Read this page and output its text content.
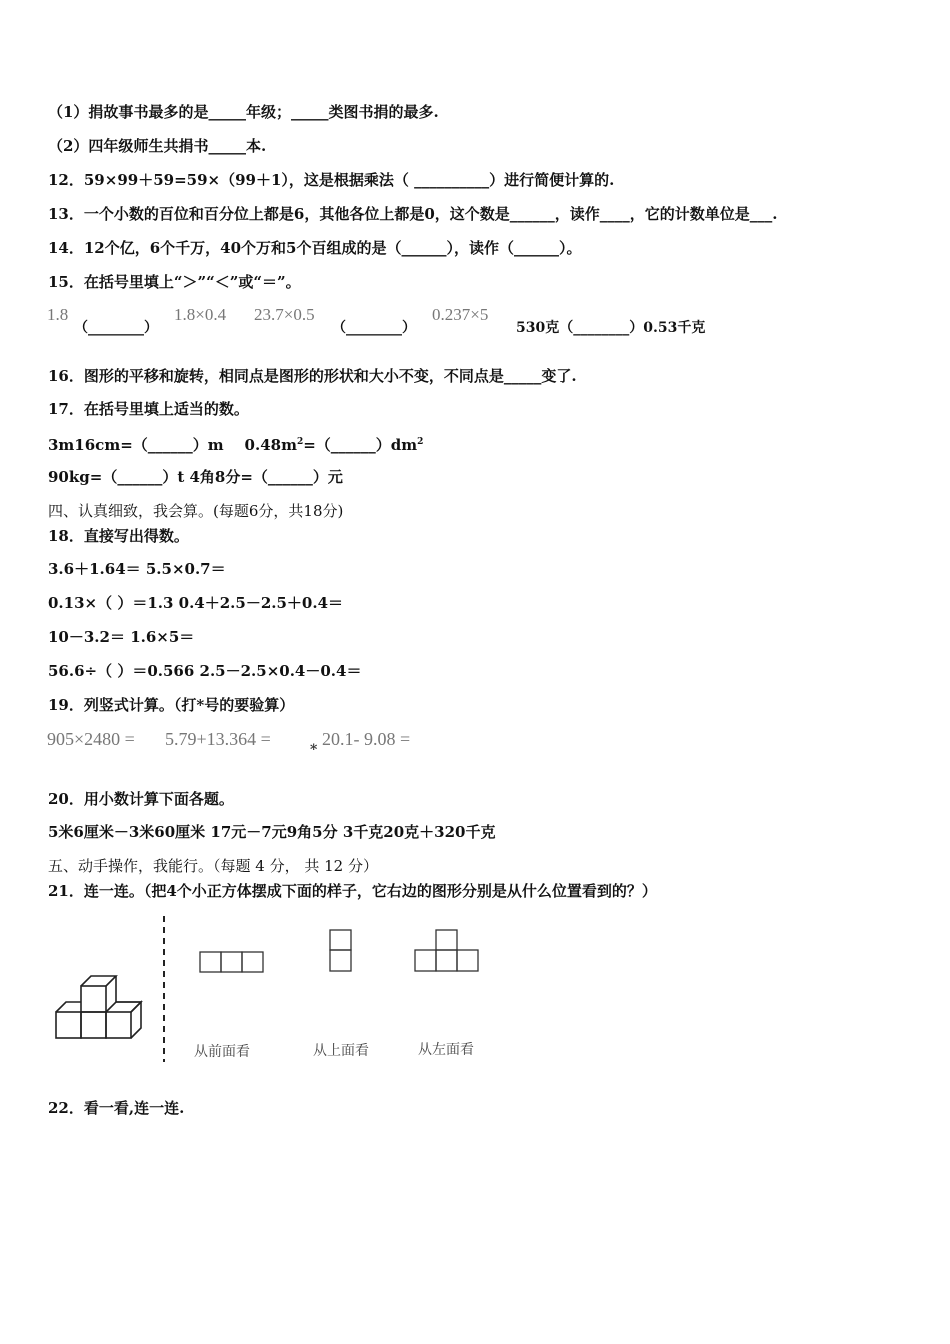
（1）捐故事书最多的是_____年级；_____类图书捐的最多.
（2）四年级师生共捐书_____本.
12．59×99＋59=59×（99＋1），这是根据乘法（ __________）进行简便计算的.
13．一个小数的百位和百分位上都是6，其他各位上都是0，这个数是______，读作____，它的计数单位是___.
14．12个亿，6个千万，40个万和5个百组成的是（______），读作（______）。
15．在括号里填上“＞”“＜”或“＝”。
1.8
（________）
1.8×0.4 23.7×0.5
（________）
0.237×5
530克（________）0.53千克
16．图形的平移和旋转，相同点是图形的形状和大小不变，不同点是_____变了.
17．在括号里填上适当的数。
3m16cm=（______）m $0.48m^2=(\_\_\_\_\_\_)dm^2$
90kg=（______）t 4角8分=（______）元
四、认真细致，我会算。(每题6分，共18分)
18．直接写出得数。
3.6＋1.64＝ 5.5×0.7＝
0.13×（ ）＝1.3 0.4＋2.5－2.5＋0.4＝
10－3.2＝ 1.6×5＝
56.6÷（ ）＝0.566 2.5－2.5×0.4－0.4＝
19．列竖式计算。（打*号的要验算）
905×2480 = 5.79+13.364 =
*
20.1- 9.08 =
20．用小数计算下面各题。
5米6厘米－3米60厘米 17元－7元9角5分 3千克20克＋320千克
五、动手操作，我能行。（每题 4 分， 共 12 分）
21．连一连。（把4个小正方体摆成下面的样子，它右边的图形分别是从什么位置看到的？）
从前面看	从上面看	从左面看
22．看一看,连一连.
